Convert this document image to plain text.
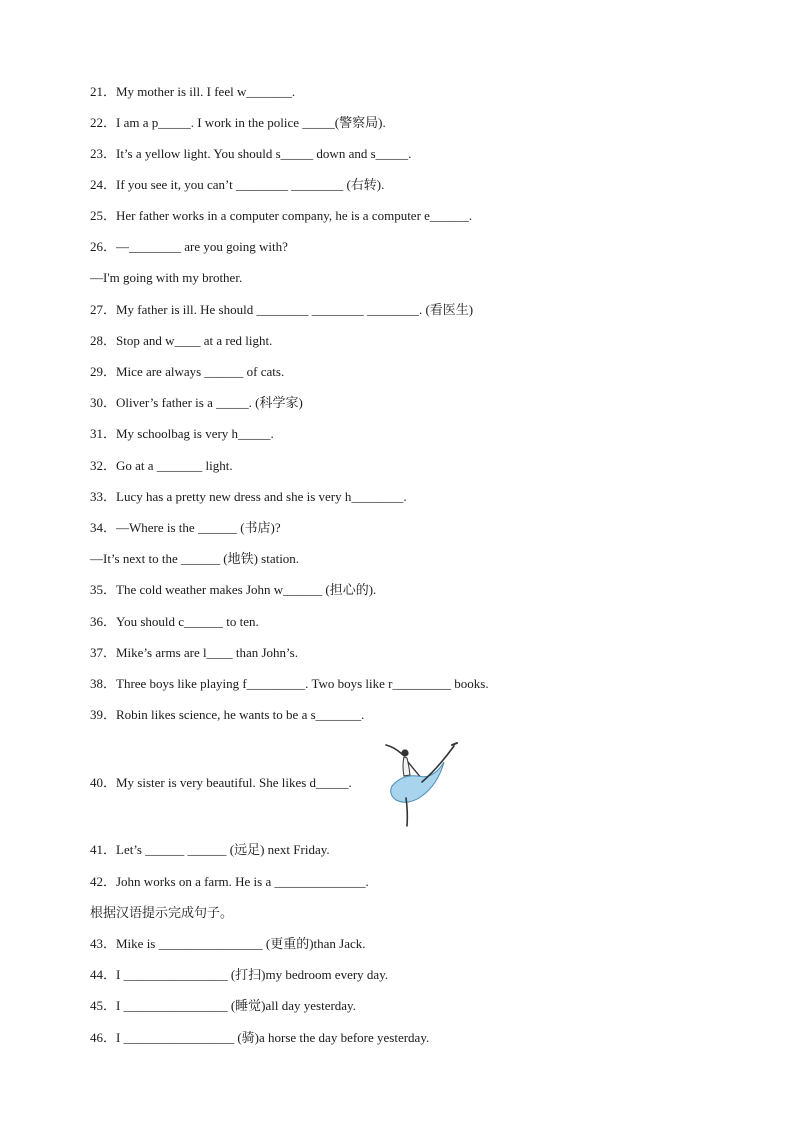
21．My mother is ill. I feel w_______.
22．I am a p_____. I work in the police _____(警察局).
23．It’s a yellow light. You should s_____ down and s_____.
24．If you see it, you can’t ________ ________ (右转).
25．Her father works in a computer company, he is a computer e______.
26．—________ are you going with?
—I'm going with my brother.
27．My father is ill. He should ________ ________ ________. (看医生)
28．Stop and w____ at a red light.
29．Mice are always ______ of cats.
30．Oliver’s father is a _____. (科学家)
31．My schoolbag is very h_____.
32．Go at a _______ light.
33．Lucy has a pretty new dress and she is very h________.
34．—Where is the ______ (书店)?
—It’s next to the ______ (地铁) station.
35．The cold weather makes John w______ (担心的).
36．You should c______ to ten.
37．Mike’s arms are l____ than John’s.
38．Three boys like playing f_________. Two boys like r_________ books.
39．Robin likes science, he wants to be a s_______.
40．My sister is very beautiful. She likes d_____.
41．Let’s ______ ______ (远足) next Friday.
42．John works on a farm. He is a ______________.
根据汉语提示完成句子。
43．Mike is ________________ (更重的)than Jack.
44．I ________________ (打扫)my bedroom every day.
45．I ________________ (睡觉)all day yesterday.
46．I _________________ (骑)a horse the day before yesterday.
